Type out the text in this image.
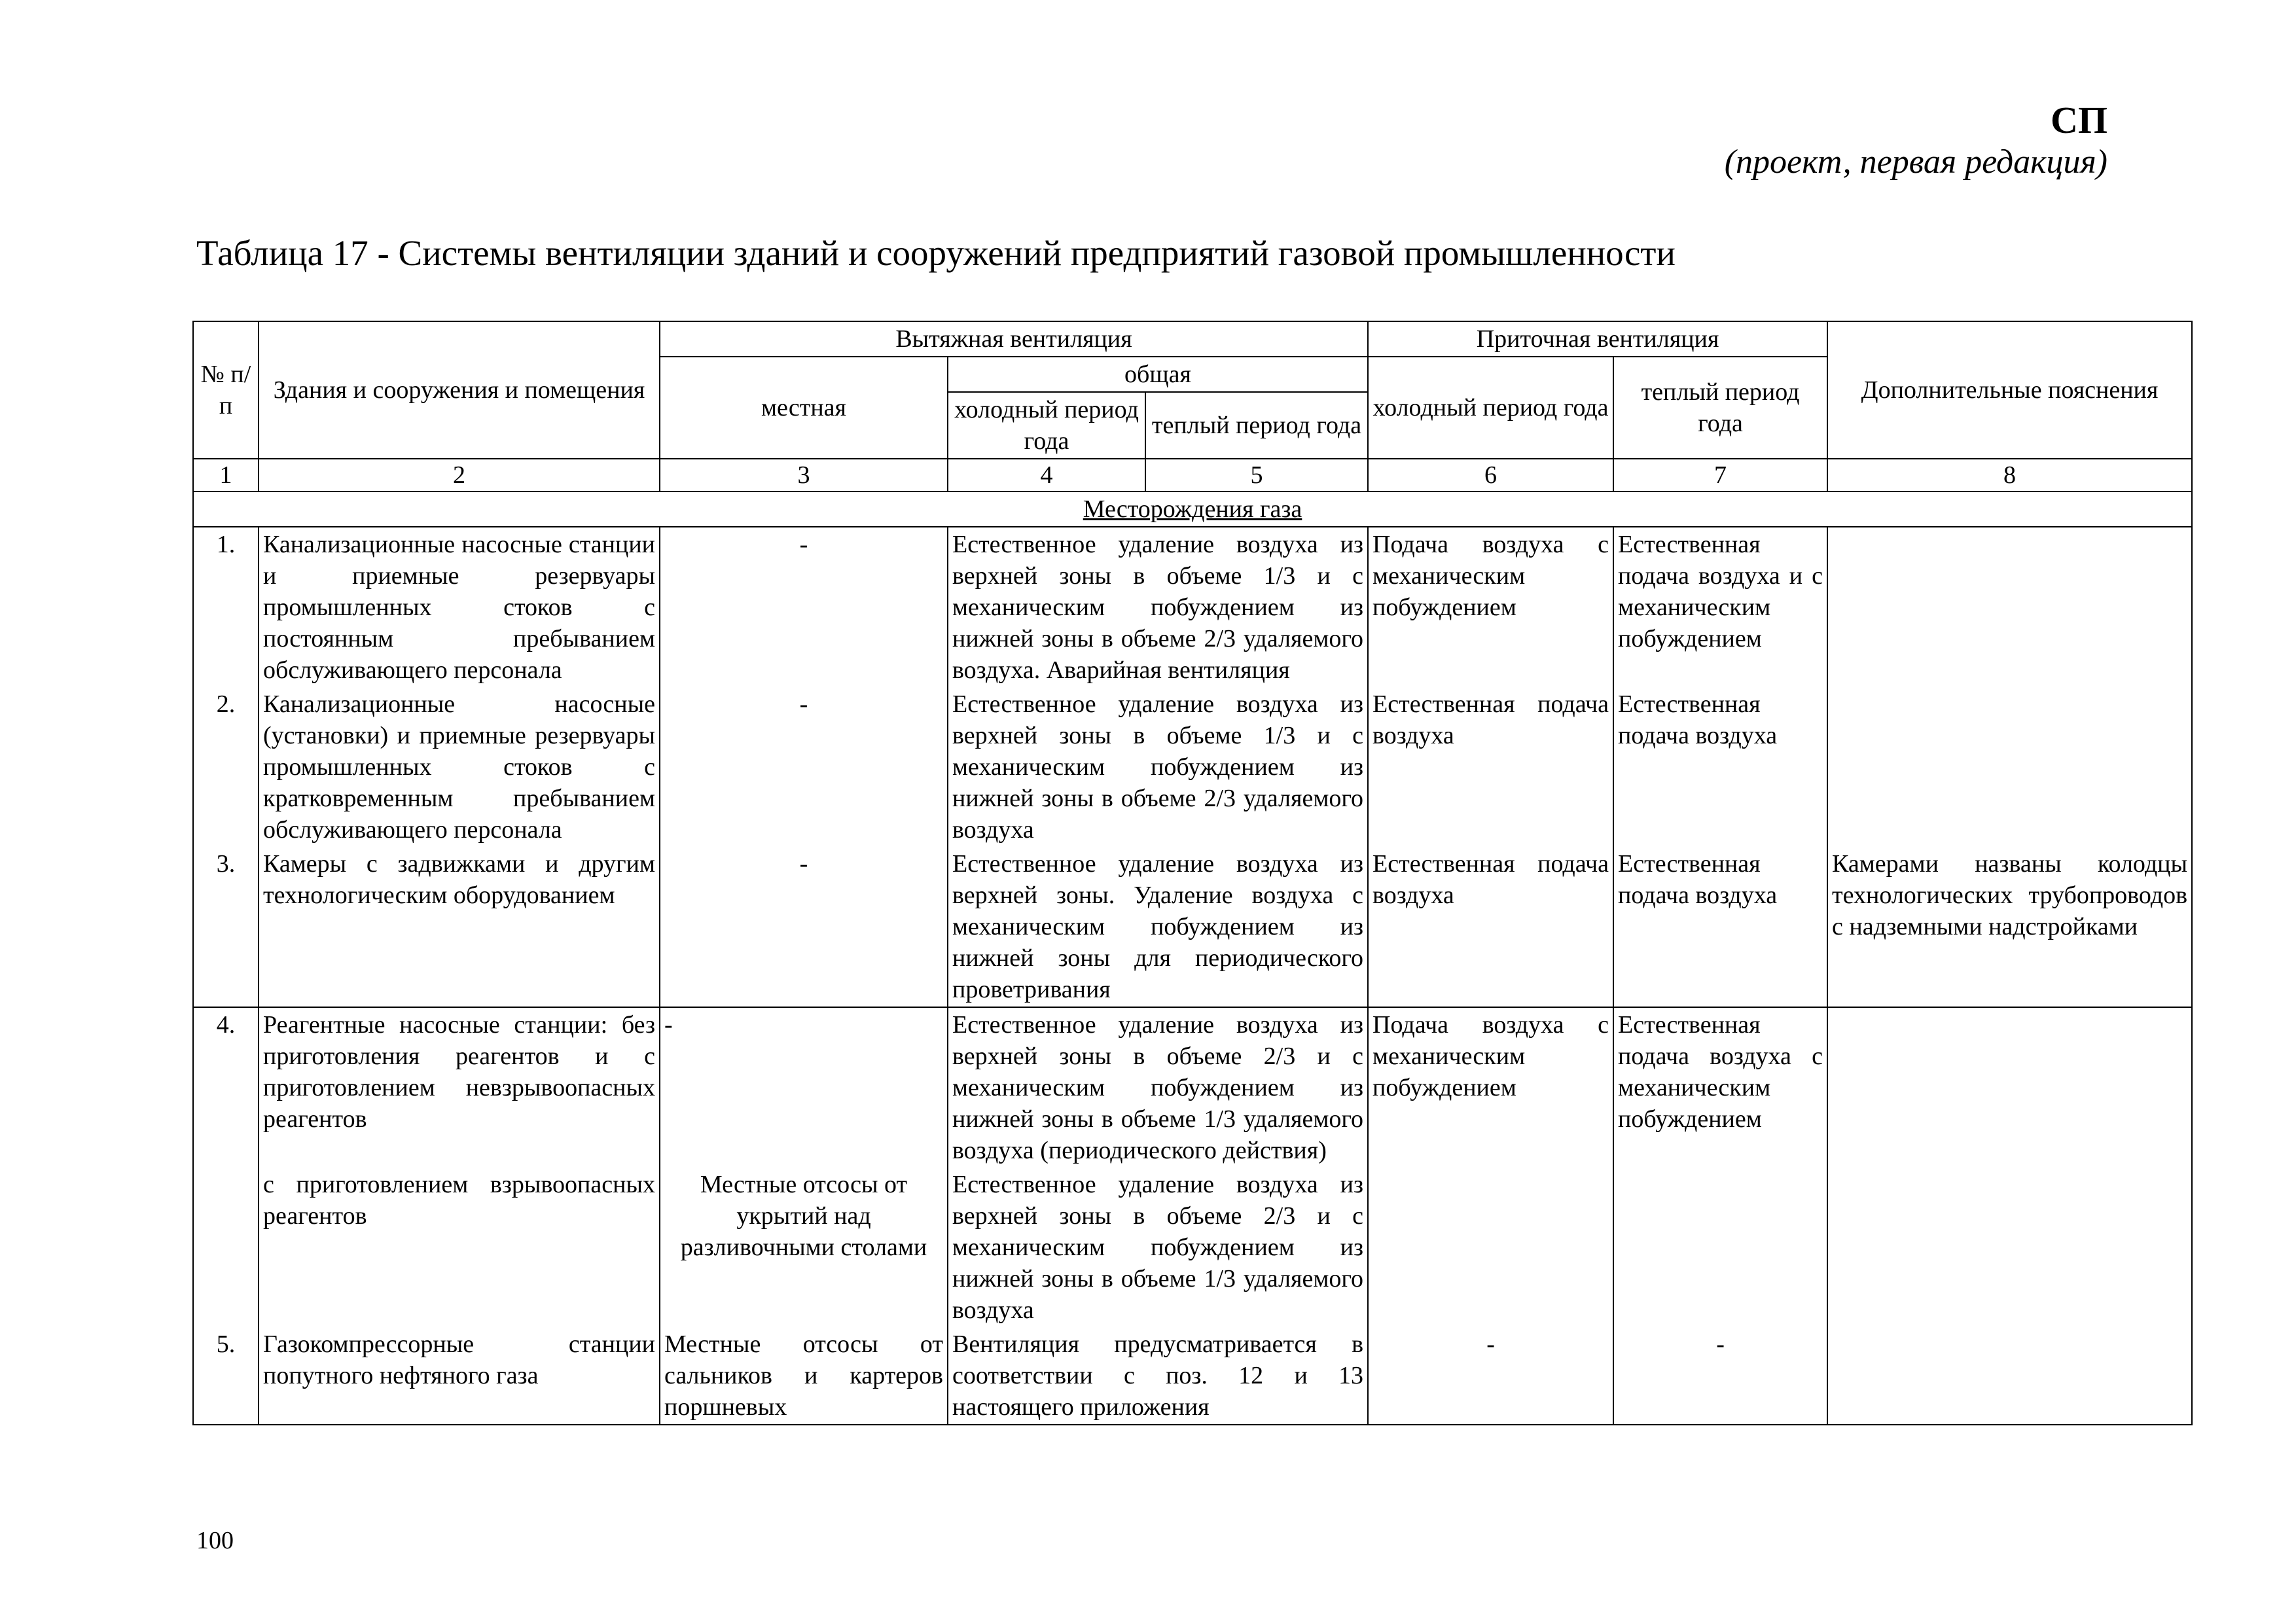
СП
(проект, первая редакция)
Таблица 17 - Системы вентиляции зданий и сооружений предприятий газовой промышленности
№ п/п	Здания и сооружения и помещения	Вытяжная вентиляция			Приточная вентиляция		Дополнительные пояснения
		местная	общая		холодный период года	теплый период года	
			холодный период года	теплый период года			
1	2	3	4	5	6	7	8
Месторождения газа							
1.	Канализационные насосные станции и приемные резервуары промышленных стоков с постоянным пребыванием обслуживающего персонала	-	Естественное удаление воздуха из верхней зоны в объеме 1/3 и с механическим побуждением из нижней зоны в объеме 2/3 удаляемого воздуха. Аварийная вентиляция		Подача воздуха с механическим побуждением	Естественная подача воздуха и с механическим побуждением	
2.	Канализационные насосные (установки) и приемные резервуары промышленных стоков с кратковременным пребыванием обслуживающего персонала	-	Естественное удаление воздуха из верхней зоны в объеме 1/3 и с механическим побуждением из нижней зоны в объеме 2/3 удаляемого воздуха		Естественная подача воздуха	Естественная подача воздуха	
3.	Камеры с задвижками и другим технологическим оборудованием	-	Естественное удаление воздуха из верхней зоны. Удаление воздуха с механическим побуждением из нижней зоны для периодического проветривания		Естественная подача воздуха	Естественная подача воздуха	Камерами названы колодцы технологических трубопроводов с надземными надстройками
4.	Реагентные насосные станции: без приготовления реагентов и с приготовлением невзрывоопасных реагентов	-	Естественное удаление воздуха из верхней зоны в объеме 2/3 и с механическим побуждением из нижней зоны в объеме 1/3 удаляемого воздуха (периодического действия)		Подача воздуха с механическим побуждением	Естественная подача воздуха с механическим побуждением	
	с приготовлением взрывоопасных реагентов	Местные отсосы от укрытий над разливочными столами	Естественное удаление воздуха из верхней зоны в объеме 2/3 и с механическим побуждением из нижней зоны в объеме 1/3 удаляемого воздуха				
5.	Газокомпрессорные станции попутного нефтяного газа	Местные отсосы от сальников и картеров поршневых	Вентиляция предусматривается в соответствии с поз. 12 и 13 настоящего приложения		-	-	
100
